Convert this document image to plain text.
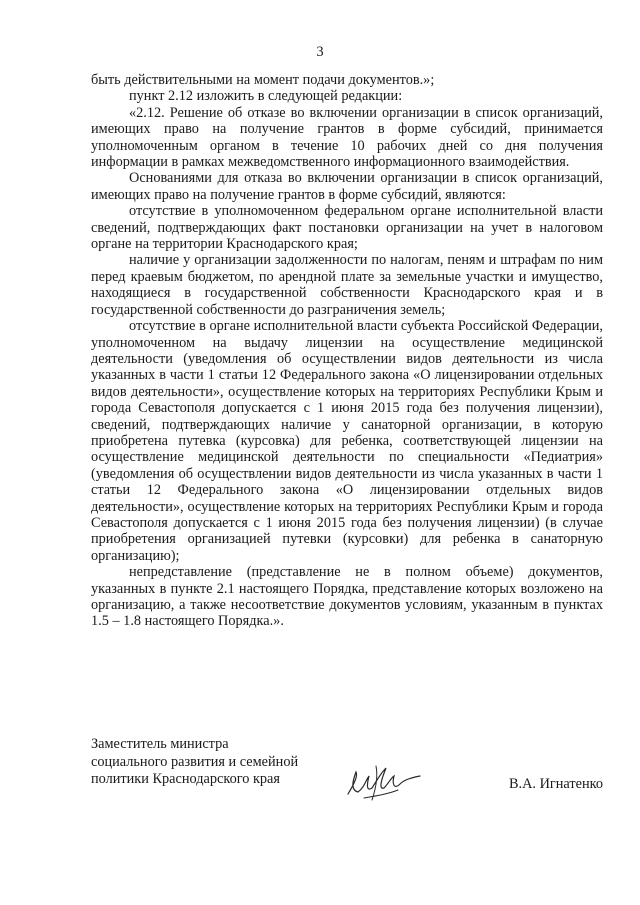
3

быть действительными на момент подачи документов.»;

пункт 2.12 изложить в следующей редакции:

«2.12. Решение об отказе во включении организации в список организаций, имеющих право на получение грантов в форме субсидий, принимается уполномоченным органом в течение 10 рабочих дней со дня получения информации в рамках межведомственного информационного взаимодействия.

Основаниями для отказа во включении организации в список организаций, имеющих право на получение грантов в форме субсидий, являются:

отсутствие в уполномоченном федеральном органе исполнительной власти сведений, подтверждающих факт постановки организации на учет в налоговом органе на территории Краснодарского края;

наличие у организации задолженности по налогам, пеням и штрафам по ним перед краевым бюджетом, по арендной плате за земельные участки и имущество, находящиеся в государственной собственности Краснодарского края и в государственной собственности до разграничения земель;

отсутствие в органе исполнительной власти субъекта Российской Федерации, уполномоченном на выдачу лицензии на осуществление медицинской деятельности (уведомления об осуществлении видов деятельности из числа указанных в части 1 статьи 12 Федерального закона «О лицензировании отдельных видов деятельности», осуществление которых на территориях Республики Крым и города Севастополя допускается с 1 июня 2015 года без получения лицензии), сведений, подтверждающих наличие у санаторной организации, в которую приобретена путевка (курсовка) для ребенка, соответствующей лицензии на осуществление медицинской деятельности по специальности «Педиатрия» (уведомления об осуществлении видов деятельности из числа указанных в части 1 статьи 12 Федерального закона «О лицензировании отдельных видов деятельности», осуществление которых на территориях Республики Крым и города Севастополя допускается с 1 июня 2015 года без получения лицензии) (в случае приобретения организацией путевки (курсовки) для ребенка в санаторную организацию);

непредставление (представление не в полном объеме) документов, указанных в пункте 2.1 настоящего Порядка, представление которых возложено на организацию, а также несоответствие документов условиям, указанным в пунктах 1.5 – 1.8 настоящего Порядка.».

Заместитель министра
социального развития и семейной
политики Краснодарского края	В.А. Игнатенко
